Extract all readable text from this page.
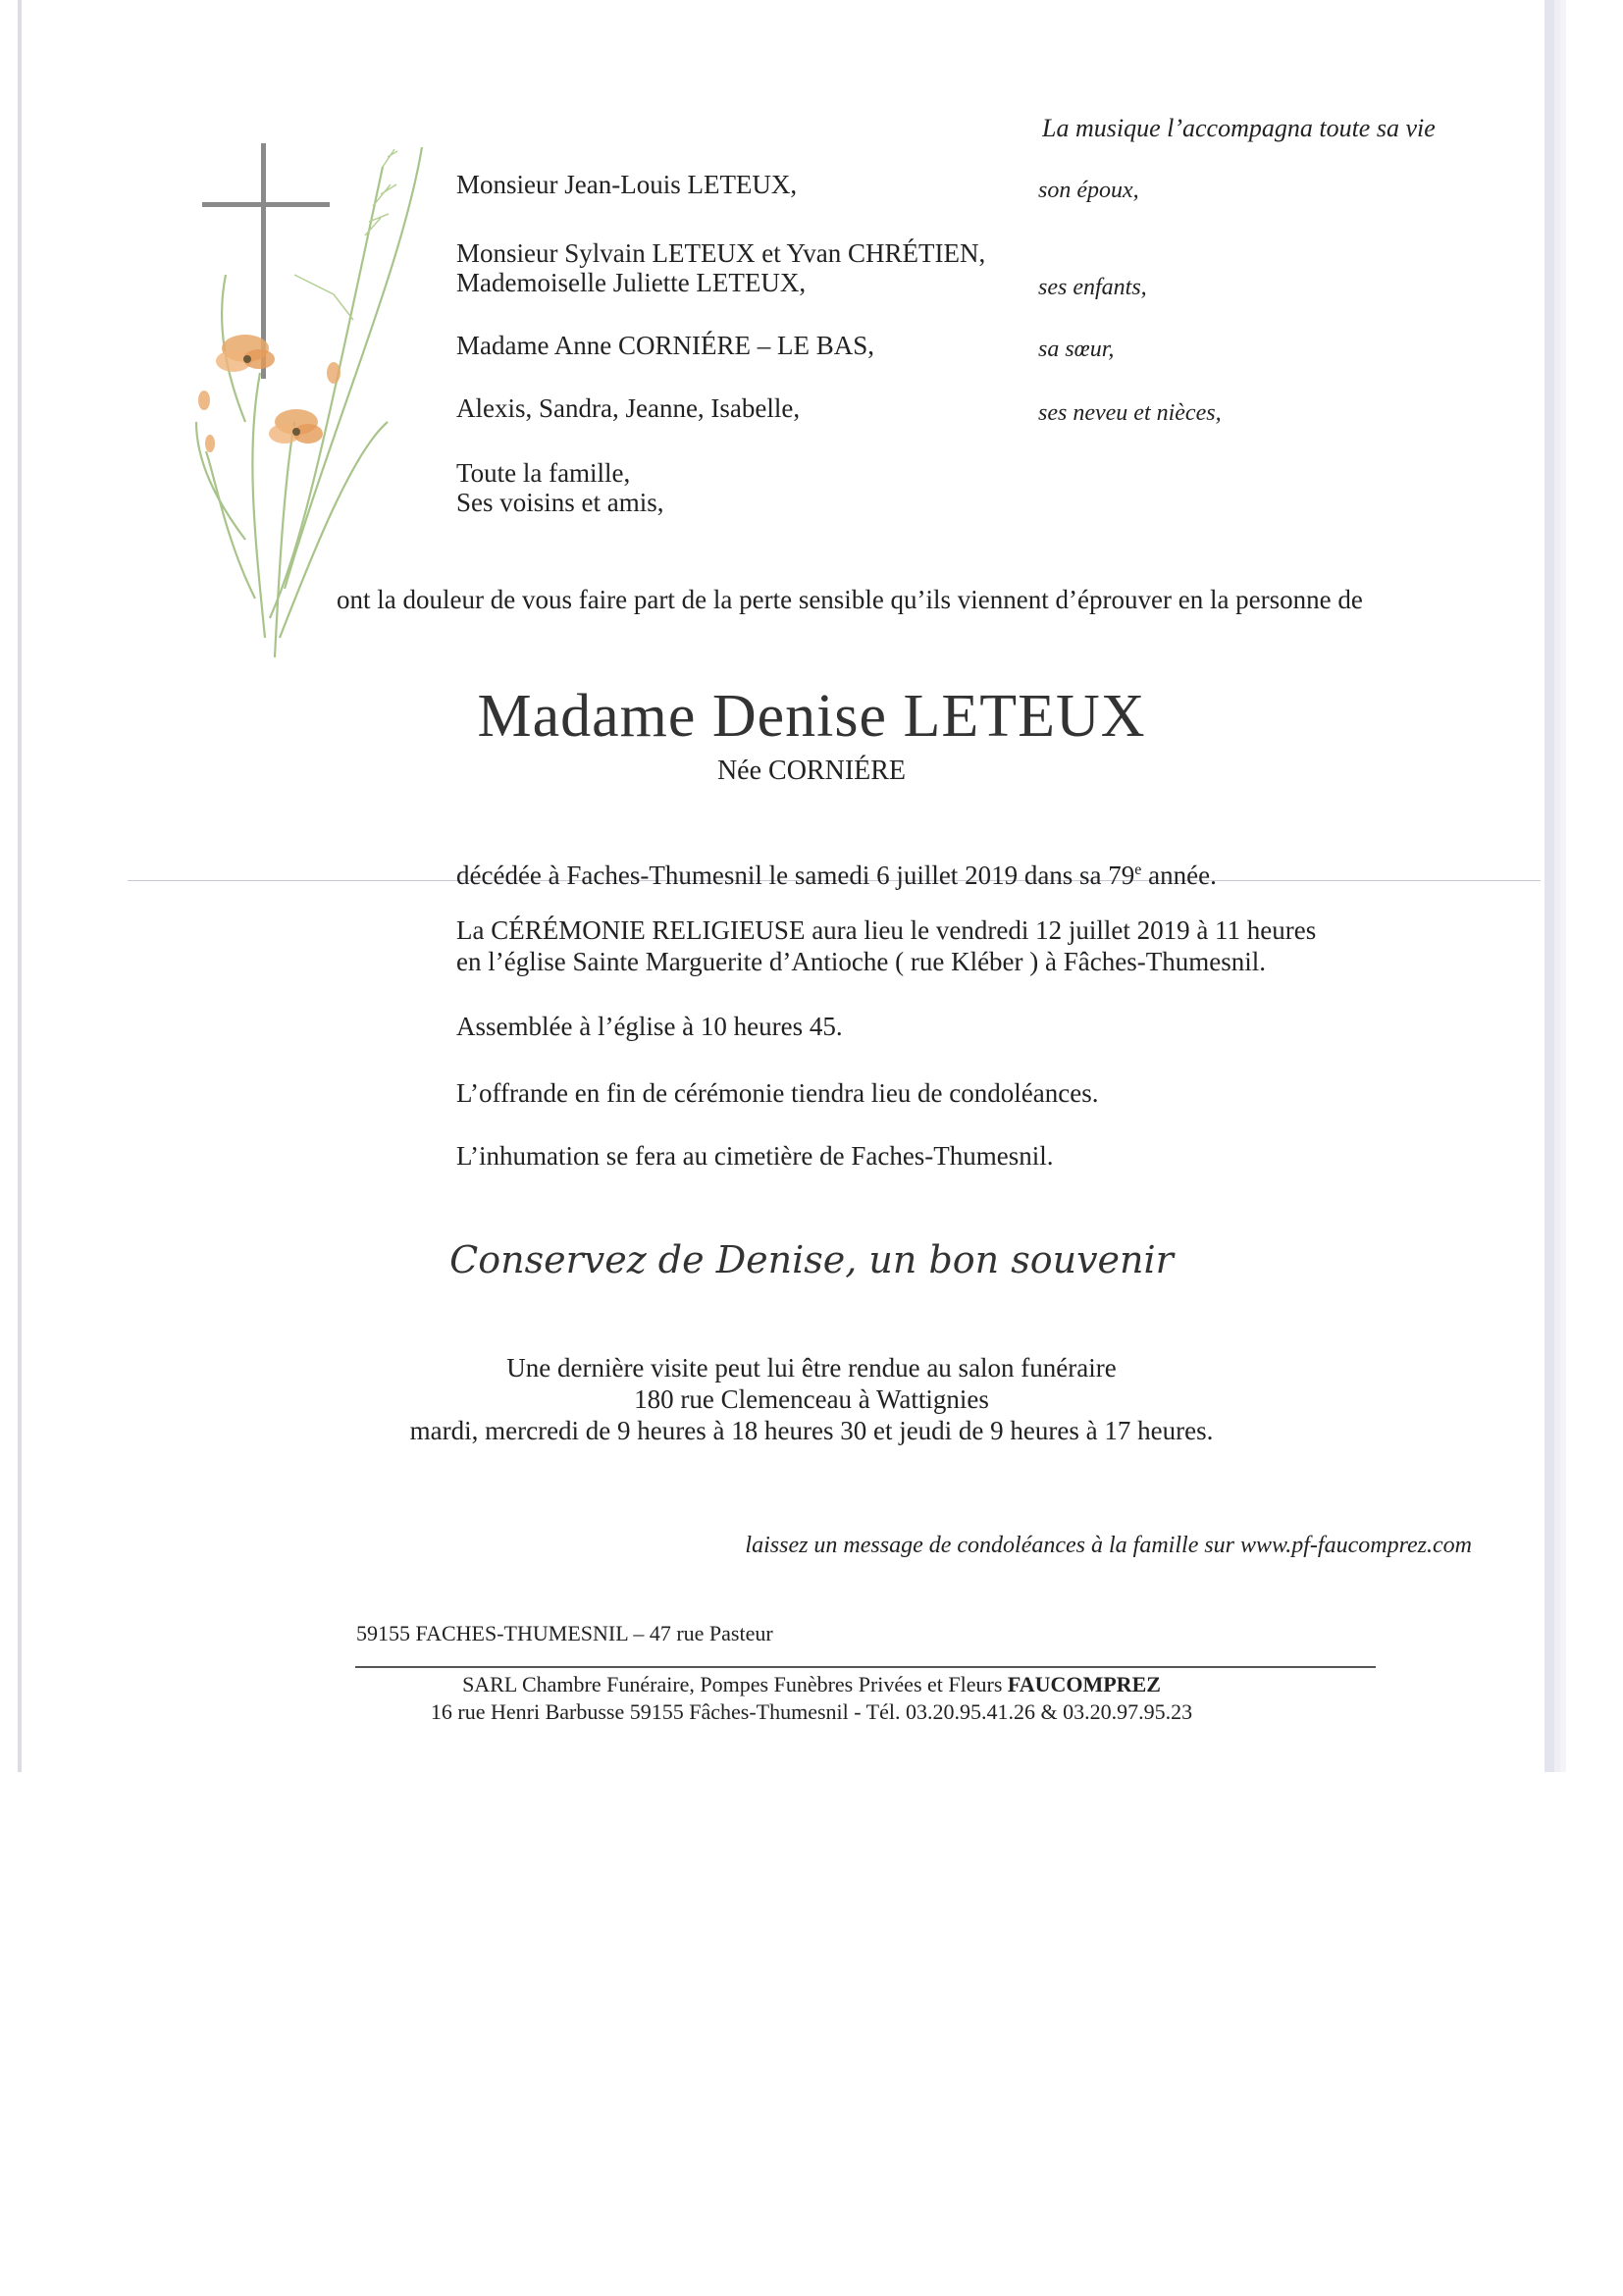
La musique l’accompagna toute sa vie
Monsieur Jean-Louis LETEUX,	son époux,
Monsieur Sylvain LETEUX et Yvan CHRÉTIEN,
Mademoiselle Juliette LETEUX,	ses enfants,
Madame Anne CORNIÉRE – LE BAS,	sa sœur,
Alexis, Sandra, Jeanne, Isabelle,	ses neveu et nièces,
Toute la famille,
Ses voisins et amis,
ont la douleur de vous faire part de la perte sensible qu’ils viennent d’éprouver en la personne de
Madame Denise LETEUX
Née CORNIÉRE
décédée à Faches-Thumesnil le samedi 6 juillet 2019 dans sa 79e année.
La CÉRÉMONIE RELIGIEUSE aura lieu le vendredi 12 juillet 2019 à 11 heures
en l’église Sainte Marguerite d’Antioche ( rue Kléber ) à Fâches-Thumesnil.
Assemblée à l’église à 10 heures 45.
L’offrande en fin de cérémonie tiendra lieu de condoléances.
L’inhumation se fera au cimetière de Faches-Thumesnil.
Conservez de Denise, un bon souvenir
Une dernière visite peut lui être rendue au salon funéraire
180 rue Clemenceau à Wattignies
mardi, mercredi de 9 heures à 18 heures 30 et jeudi de 9 heures à 17 heures.
laissez un message de condoléances à la famille sur www.pf-faucomprez.com
59155 FACHES-THUMESNIL – 47 rue Pasteur
SARL Chambre Funéraire, Pompes Funèbres Privées et Fleurs FAUCOMPREZ
16 rue Henri Barbusse 59155 Fâches-Thumesnil - Tél. 03.20.95.41.26 & 03.20.97.95.23
